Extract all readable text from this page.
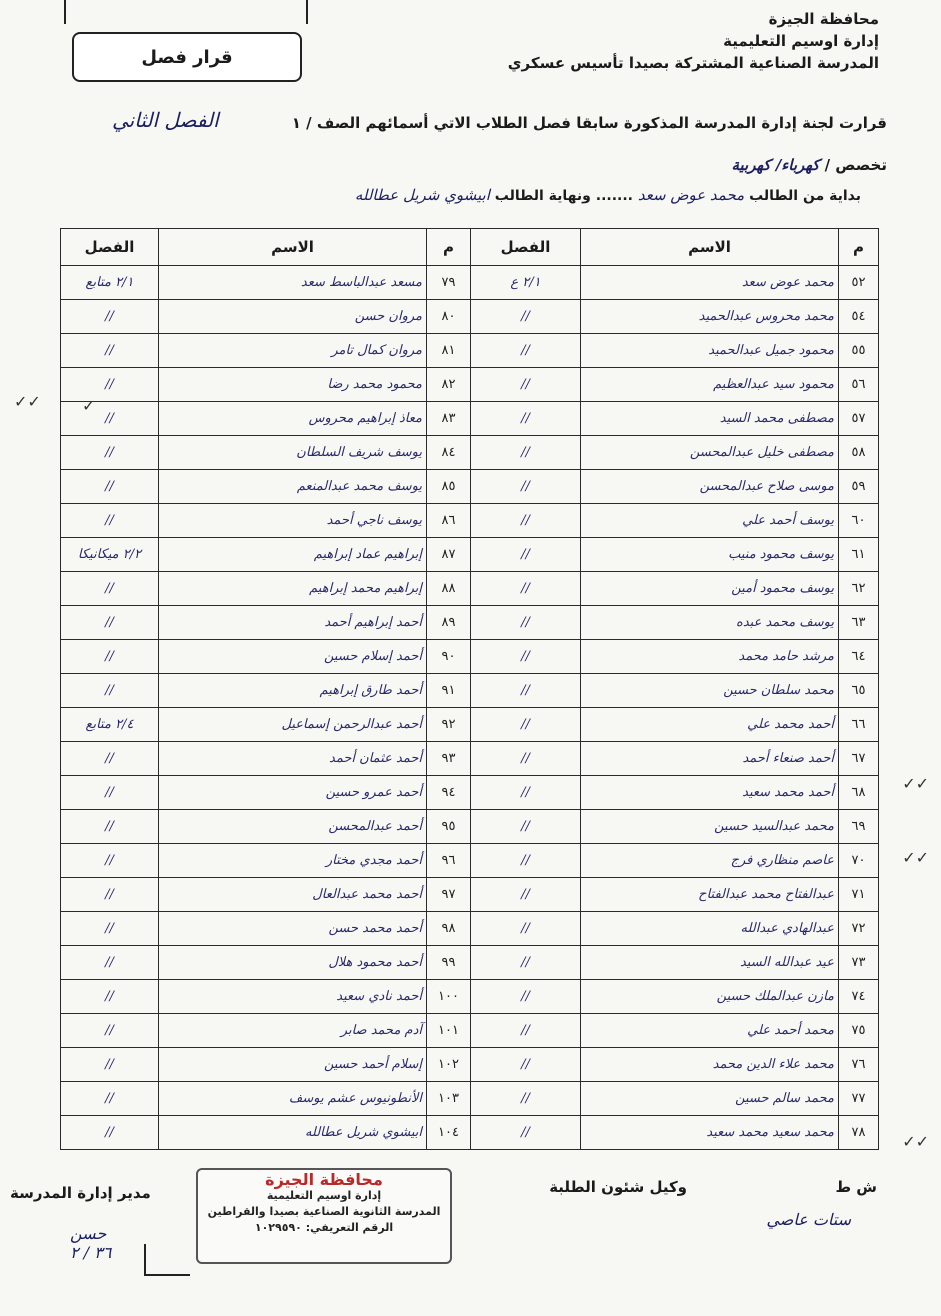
قرار فصل
محافظة الجيزة
إدارة اوسيم التعليمية
المدرسة الصناعية المشتركة بصيدا تأسيس عسكري
الفصل الثاني	قرارت لجنة إدارة المدرسة المذكورة سابقا فصل الطلاب الاتي أسمائهم الصف / ١
تخصص / كهرباء/ كهربية
بداية من الطالب محمد عوض سعد ....... ونهاية الطالب ابيشوي شريل عطالله
م	الاسم	الفصل	م	الاسم	الفصل
٥٢	محمد عوض سعد	٢/١ ع	٧٩	مسعد عبدالباسط سعد	٢/١ متابع
٥٤	محمد محروس عبدالحميد	//	٨٠	مروان حسن	//
٥٥	محمود جميل عبدالحميد	//	٨١	مروان كمال تامر	//
٥٦	محمود سيد عبدالعظيم	//	٨٢	محمود محمد رضا	//
٥٧	مصطفى محمد السيد	//	٨٣	معاذ إبراهيم محروس	//
٥٨	مصطفى خليل عبدالمحسن	//	٨٤	يوسف شريف السلطان	//
٥٩	موسى صلاح عبدالمحسن	//	٨٥	يوسف محمد عبدالمنعم	//
٦٠	يوسف أحمد علي	//	٨٦	يوسف ناجي أحمد	//
٦١	يوسف محمود منيب	//	٨٧	إبراهيم عماد إبراهيم	٢/٢ ميكانيكا
٦٢	يوسف محمود أمين	//	٨٨	إبراهيم محمد إبراهيم	//
٦٣	يوسف محمد عبده	//	٨٩	أحمد إبراهيم أحمد	//
٦٤	مرشد حامد محمد	//	٩٠	أحمد إسلام حسين	//
٦٥	محمد سلطان حسين	//	٩١	أحمد طارق إبراهيم	//
٦٦	أحمد محمد علي	//	٩٢	أحمد عبدالرحمن إسماعيل	٢/٤ متابع
٦٧	أحمد صنعاء أحمد	//	٩٣	أحمد عثمان أحمد	//
٦٨	أحمد محمد سعيد	//	٩٤	أحمد عمرو حسين	//
٦٩	محمد عبدالسيد حسين	//	٩٥	أحمد عبدالمحسن	//
٧٠	عاصم منظاري فرج	//	٩٦	أحمد مجدي مختار	//
٧١	عبدالفتاح محمد عبدالفتاح	//	٩٧	أحمد محمد عبدالعال	//
٧٢	عبدالهادي عبدالله	//	٩٨	أحمد محمد حسن	//
٧٣	عيد عبدالله السيد	//	٩٩	أحمد محمود هلال	//
٧٤	مازن عبدالملك حسين	//	١٠٠	أحمد نادي سعيد	//
٧٥	محمد أحمد علي	//	١٠١	آدم محمد صابر	//
٧٦	محمد علاء الدين محمد	//	١٠٢	إسلام أحمد حسين	//
٧٧	محمد سالم حسين	//	١٠٣	الأنطونيوس عشم يوسف	//
٧٨	محمد سعيد محمد سعيد	//	١٠٤	ابيشوي شريل عطالله	//
✓✓	✓
✓✓
✓✓
✓✓
ش ط
وكيل شئون الطلبة
مدير إدارة المدرسة
محافظة الجيزة
إدارة اوسيم التعليمية
المدرسة الثانوية الصناعية بصيدا والقراطين
الرقم التعريفي: ١٠٢٩٥٩٠
حسن
٣٦ / ٢
ستات عاصي
